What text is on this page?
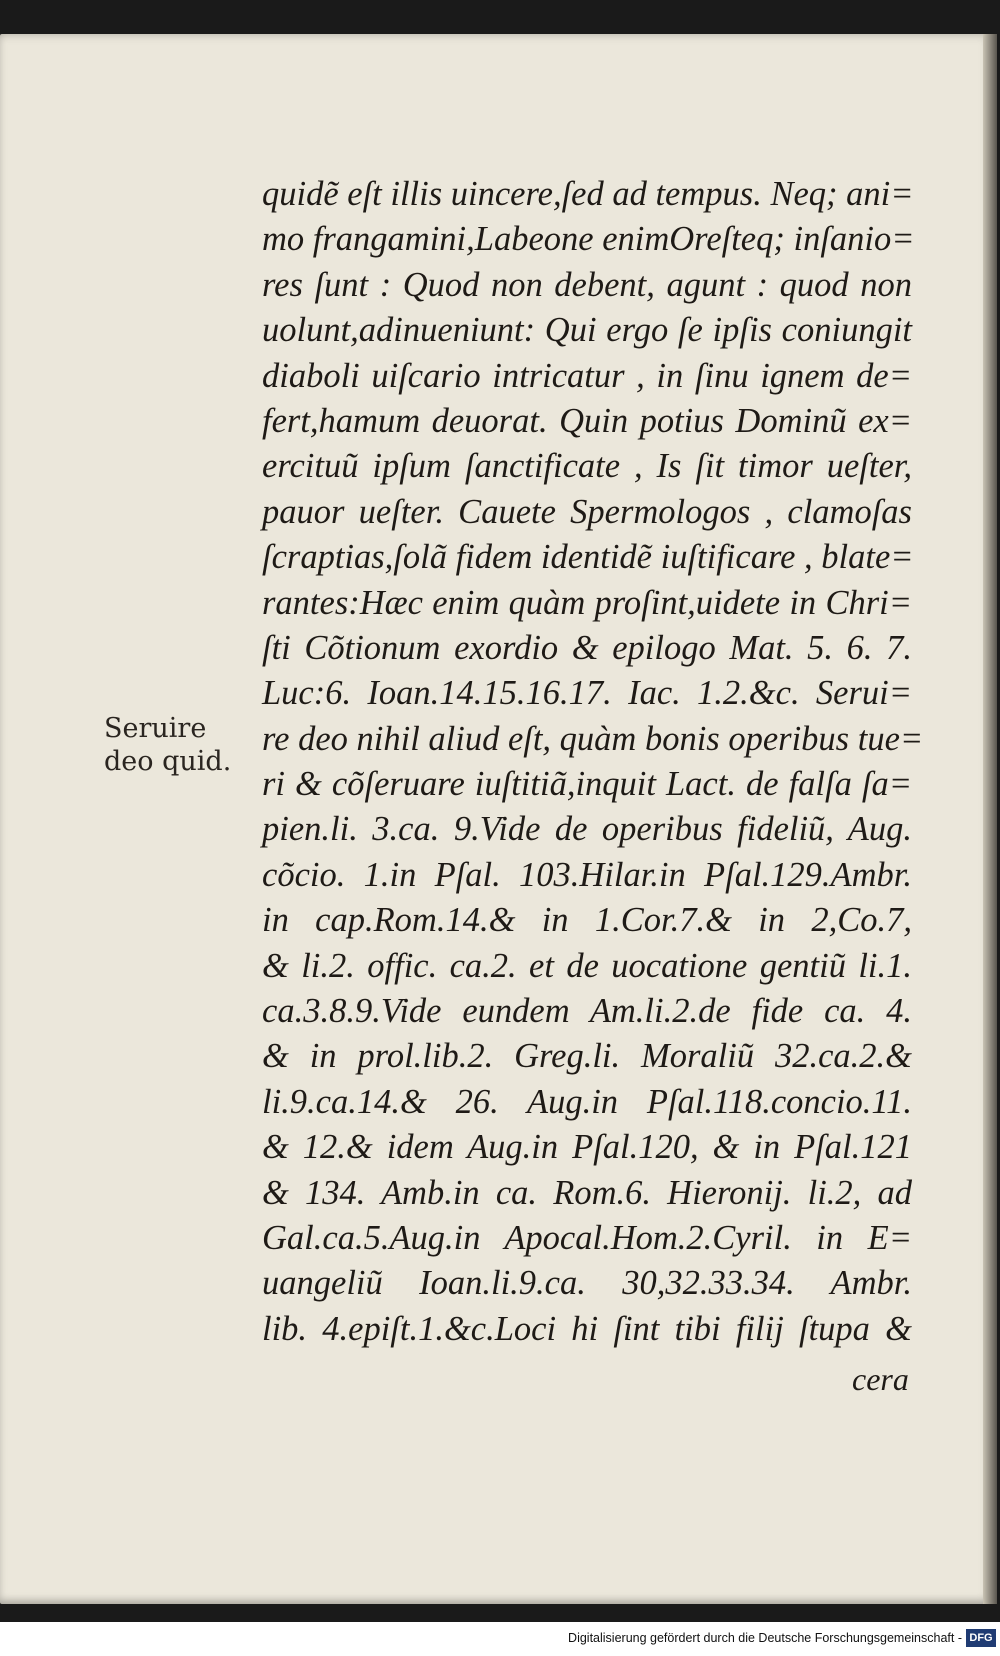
Seruire
deo quid.
quidẽ eſt illis uincere,ſed ad tempus. Neq; ani=
mo frangamini,Labeone enimOreſteq; inſanio=
res ſunt : Quod non debent, agunt : quod non
uolunt,adinueniunt: Qui ergo ſe ipſis coniungit
diaboli uiſcario intricatur , in ſinu ignem de=
fert,hamum deuorat. Quin potius Dominũ ex=
ercituũ ipſum ſanctificate , Is ſit timor ueſter,
pauor ueſter. Cauete Spermologos , clamoſas
ſcraptias,ſolã fidem identidẽ iuſtificare , blate=
rantes:Hæc enim quàm proſint,uidete in Chri=
ſti Cõtionum exordio & epilogo Mat. 5. 6. 7.
Luc:6. Ioan.14.15.16.17. Iac. 1.2.&c. Serui=
re deo nihil aliud eſt, quàm bonis operibus tue=
ri & cõſeruare iuſtitiã,inquit Lact. de falſa ſa=
pien.li. 3.ca. 9.Vide de operibus fideliũ, Aug.
cõcio. 1.in Pſal. 103.Hilar.in Pſal.129.Ambr.
in cap.Rom.14.& in 1.Cor.7.& in 2,Co.7,
& li.2. offic. ca.2. et de uocatione gentiũ li.1.
ca.3.8.9.Vide eundem Am.li.2.de fide ca. 4.
& in prol.lib.2. Greg.li. Moraliũ 32.ca.2.&
li.9.ca.14.& 26. Aug.in Pſal.118.concio.11.
& 12.& idem Aug.in Pſal.120, & in Pſal.121
& 134. Amb.in ca. Rom.6. Hieronij. li.2, ad
Gal.ca.5.Aug.in Apocal.Hom.2.Cyril. in E=
uangeliũ Ioan.li.9.ca. 30,32.33.34. Ambr.
lib. 4.epiſt.1.&c.Loci hi ſint tibi filij ſtupa &
cera
Digitalisierung gefördert durch die Deutsche Forschungsgemeinschaft - DFG
